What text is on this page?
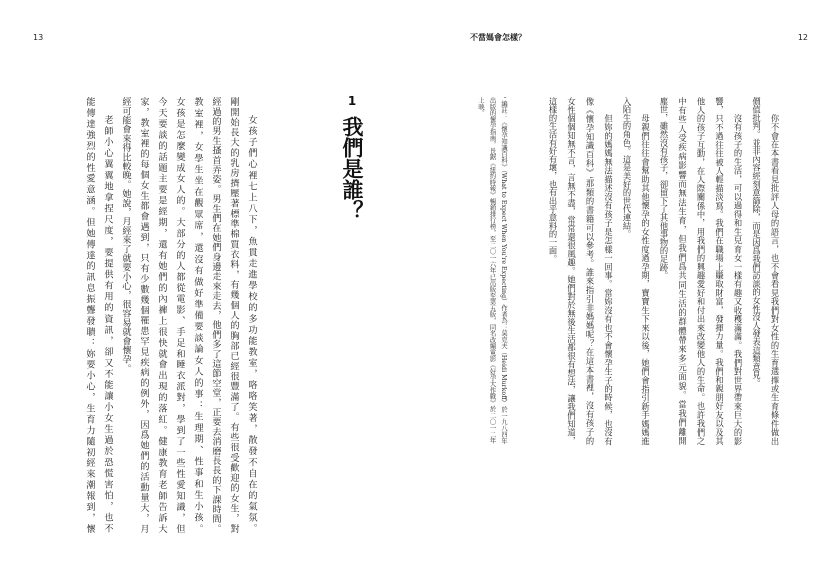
13	12
不當媽會怎樣？
1
我們是誰？

女孩子們心裡七上八下，魚貫走進學校的多功能教室，咯咯笑著，散發不自在的氣氛。

剛開始長大的乳房擠壓著標準棉質衣料，有幾個人的胸部已經很豐滿了。有些很受歡迎的女生，對

經過的男生搔首弄姿。男生們在她們身邊走來走去，他們多了這節空堂，正要去消磨長長的下課時間。

教室裡，女學生坐在觀眾席，還沒有做好準備要談論女人的事：生理期、性事和生小孩。

女孩是怎麼變成女人的。大部分的人都從電影、手足和睡衣派對，學到了一些性愛知識，但

今天要談的話題主要是經期，還有她們的內褲上很快就會出現的落紅。健康教育老師告訴大

家，教室裡的每個女生都會遇到，只有少數幾個罹患罕見疾病的例外，因爲她們的活動量大，月

經可能會來得比較晚。她說，月經來了就要小心，很容易就會懷孕。

老師小心翼翼地拿捏尺度，要提供有用的資訊，卻又不能讓小女生過於恐慌害怕，也不

能傳達強烈的性愛意涵。但她傳達的訊息振聾發聵：妳要小心，生育力隨初經來潮報到，懷	你不會在本書看見批評人母的語言，也不會看見我們對女性的生育選擇或生育條件做出

價值批判。並非內容經刻意篩除，而是因爲我們訪談的女性沒人發表這類意見。

沒有孩子的生活，可以過得和生兒育女一樣有趣又收穫滿滿。我們對世界帶來巨大的影

響，只不過往往被人輕描淡寫。我們在職場上賺取財富，發揮力量。我們和親朋好友以及其

他人的孩子互動，在人際關係中，用我們的興趣愛好和付出來改變他人的生命。也許我們之

中有些人受疾病影響而無法生育，但我們爲共同生活的群體帶來多元面貌。當我們離開

塵世，雖然沒有孩子，卻留下了其他事物的足跡。

母親們往往會幫助其他懷孕的女性度過孕期，寶寶生下來以後，她們會指引新手媽媽進

入陌生的角色。這是美好的世代連結。

但妳的媽媽無法描述沒有孩子是怎樣一回事。當妳沒有也不會懷孕生子的時候，也沒有

像《懷孕知識百科》ⁱ那類的書籍可以參考。誰來指引非媽媽呢？在這本書裡，沒有孩子的

女性個個知無不言，言無不盡，常常還很風趣。她們對於無後生活都很有想法，讓我們知道，

這樣的生活有好有壞，也有出乎意料的一面。

ⁱ 編註：《懷孕知識百科》（What to Expect When You're Expecting）作者為：莫克夫（Heidi Murkoff）於一九八四年出版的懷孕指南，長踞《紐約時報》暢銷排行榜，至二〇一六年已出版至第五版，同名改編電影《好孕大作戰》於二〇一二年上映。
